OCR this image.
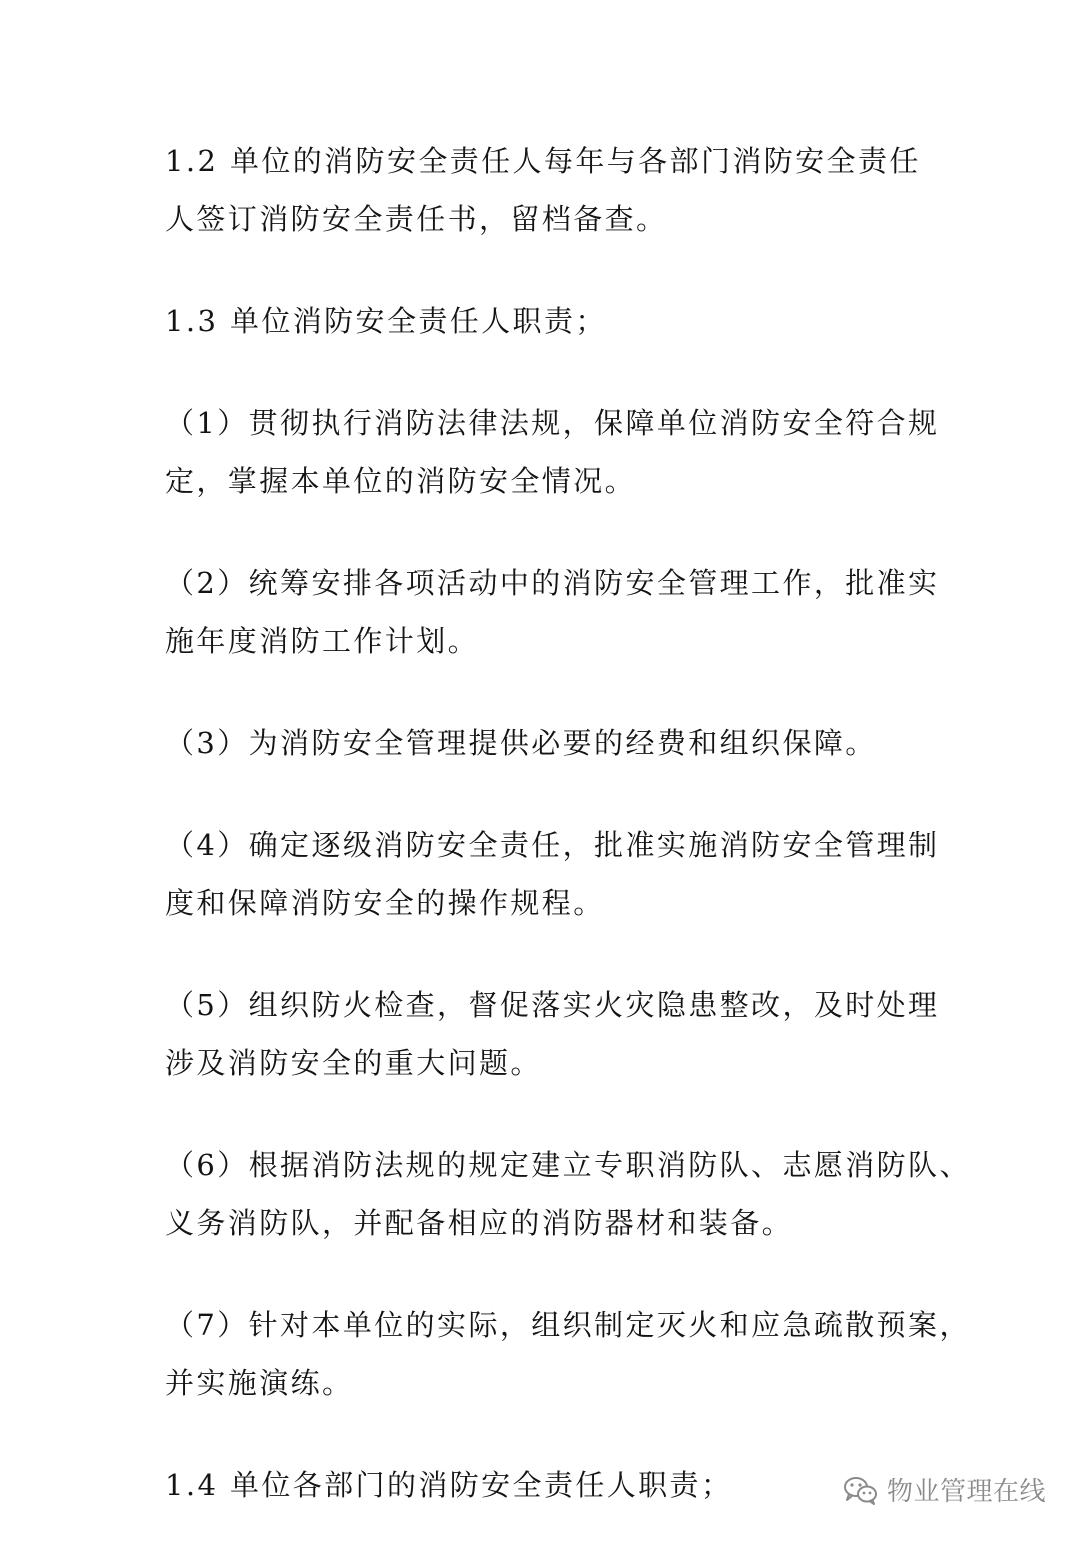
1.2 单位的消防安全责任人每年与各部门消防安全责任
人签订消防安全责任书，留档备查。

1.3 单位消防安全责任人职责；

（1）贯彻执行消防法律法规，保障单位消防安全符合规
定，掌握本单位的消防安全情况。

（2）统筹安排各项活动中的消防安全管理工作，批准实
施年度消防工作计划。

（3）为消防安全管理提供必要的经费和组织保障。

（4）确定逐级消防安全责任，批准实施消防安全管理制
度和保障消防安全的操作规程。

（5）组织防火检查，督促落实火灾隐患整改，及时处理
涉及消防安全的重大问题。

（6）根据消防法规的规定建立专职消防队、志愿消防队、
义务消防队，并配备相应的消防器材和装备。

（7）针对本单位的实际，组织制定灭火和应急疏散预案，
并实施演练。

1.4 单位各部门的消防安全责任人职责；	物业管理在线
